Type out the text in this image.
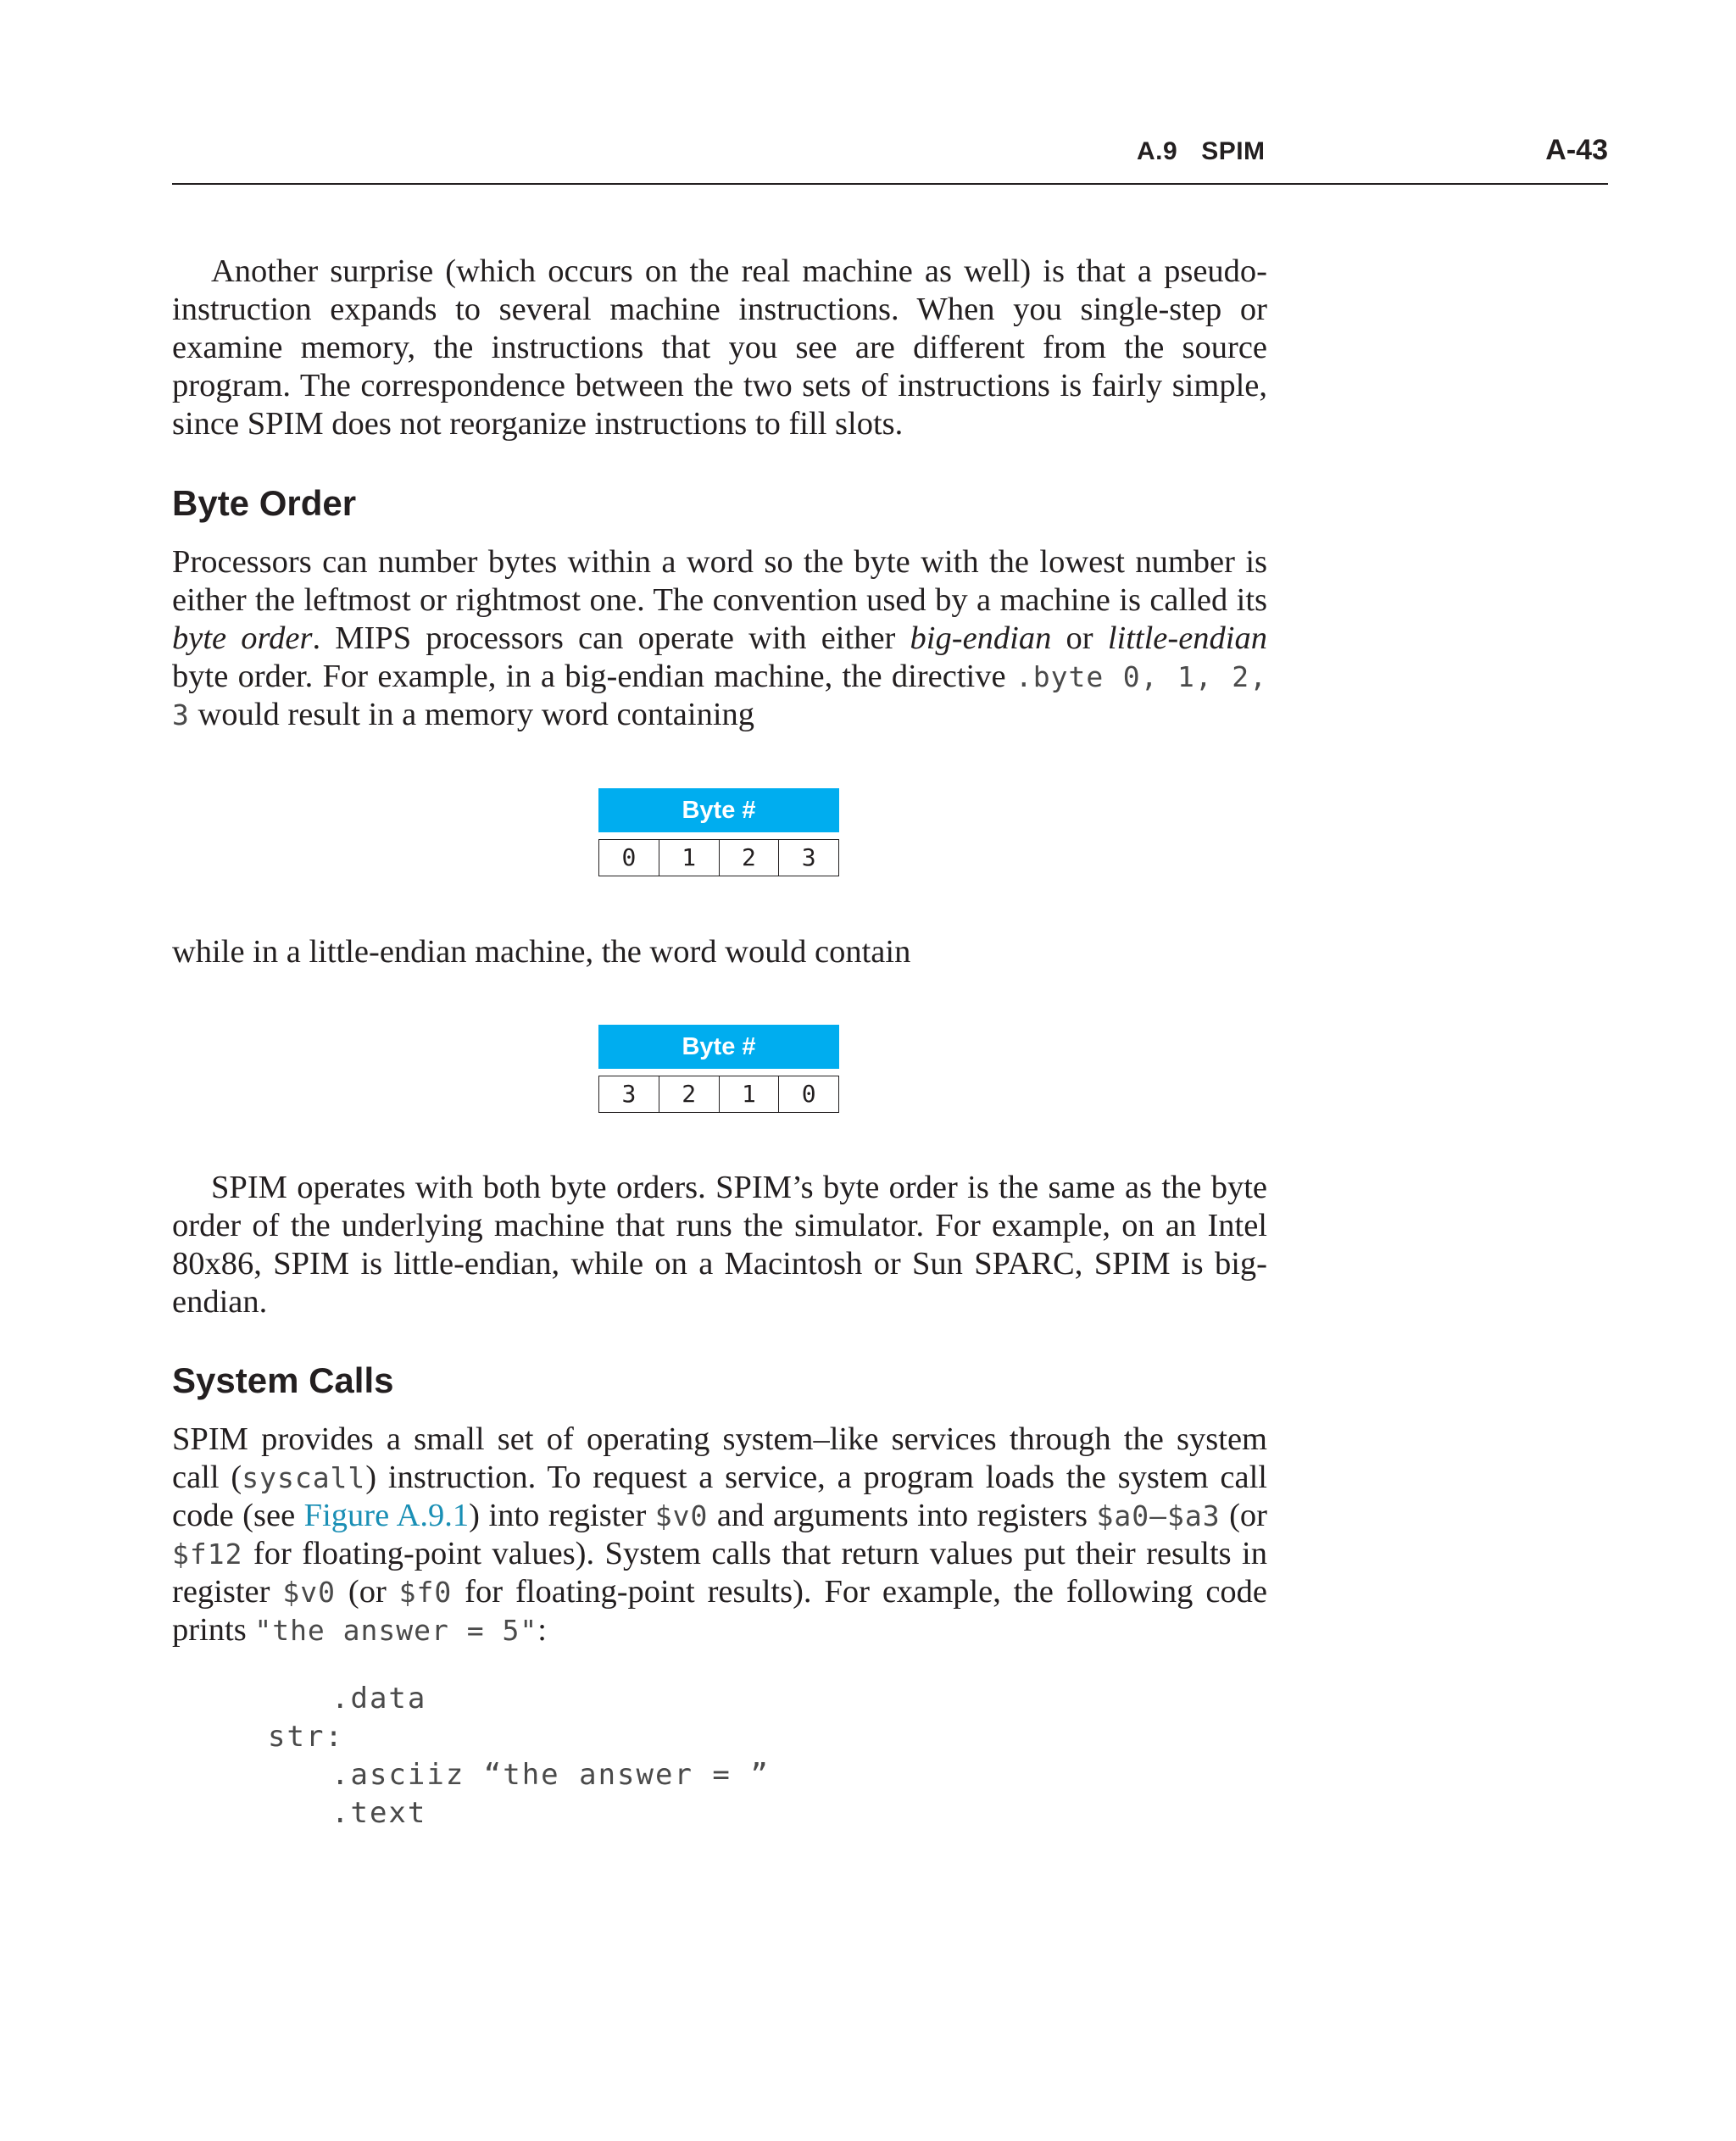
A.9 SPIM	A-43

Another surprise (which occurs on the real machine as well) is that a pseudo-instruction expands to several machine instructions. When you single-step or examine memory, the instructions that you see are different from the source program. The correspondence between the two sets of instructions is fairly simple, since SPIM does not reorganize instructions to fill slots.

Byte Order

Processors can number bytes within a word so the byte with the lowest number is either the leftmost or rightmost one. The convention used by a machine is called its byte order. MIPS processors can operate with either big-endian or little-endian byte order. For example, in a big-endian machine, the directive .byte 0, 1, 2, 3 would result in a memory word containing

Byte #
0	1	2	3

while in a little-endian machine, the word would contain

Byte #
3	2	1	0

SPIM operates with both byte orders. SPIM’s byte order is the same as the byte order of the underlying machine that runs the simulator. For example, on an Intel 80x86, SPIM is little-endian, while on a Macintosh or Sun SPARC, SPIM is big-endian.

System Calls

SPIM provides a small set of operating system–like services through the system call (syscall) instruction. To request a service, a program loads the system call code (see Figure A.9.1) into register $v0 and arguments into registers $a0–$a3 (or $f12 for floating-point values). System calls that return values put their results in register $v0 (or $f0 for floating-point results). For example, the following code prints "the answer = 5":

.data
str:
.asciiz “the answer = ”
.text
